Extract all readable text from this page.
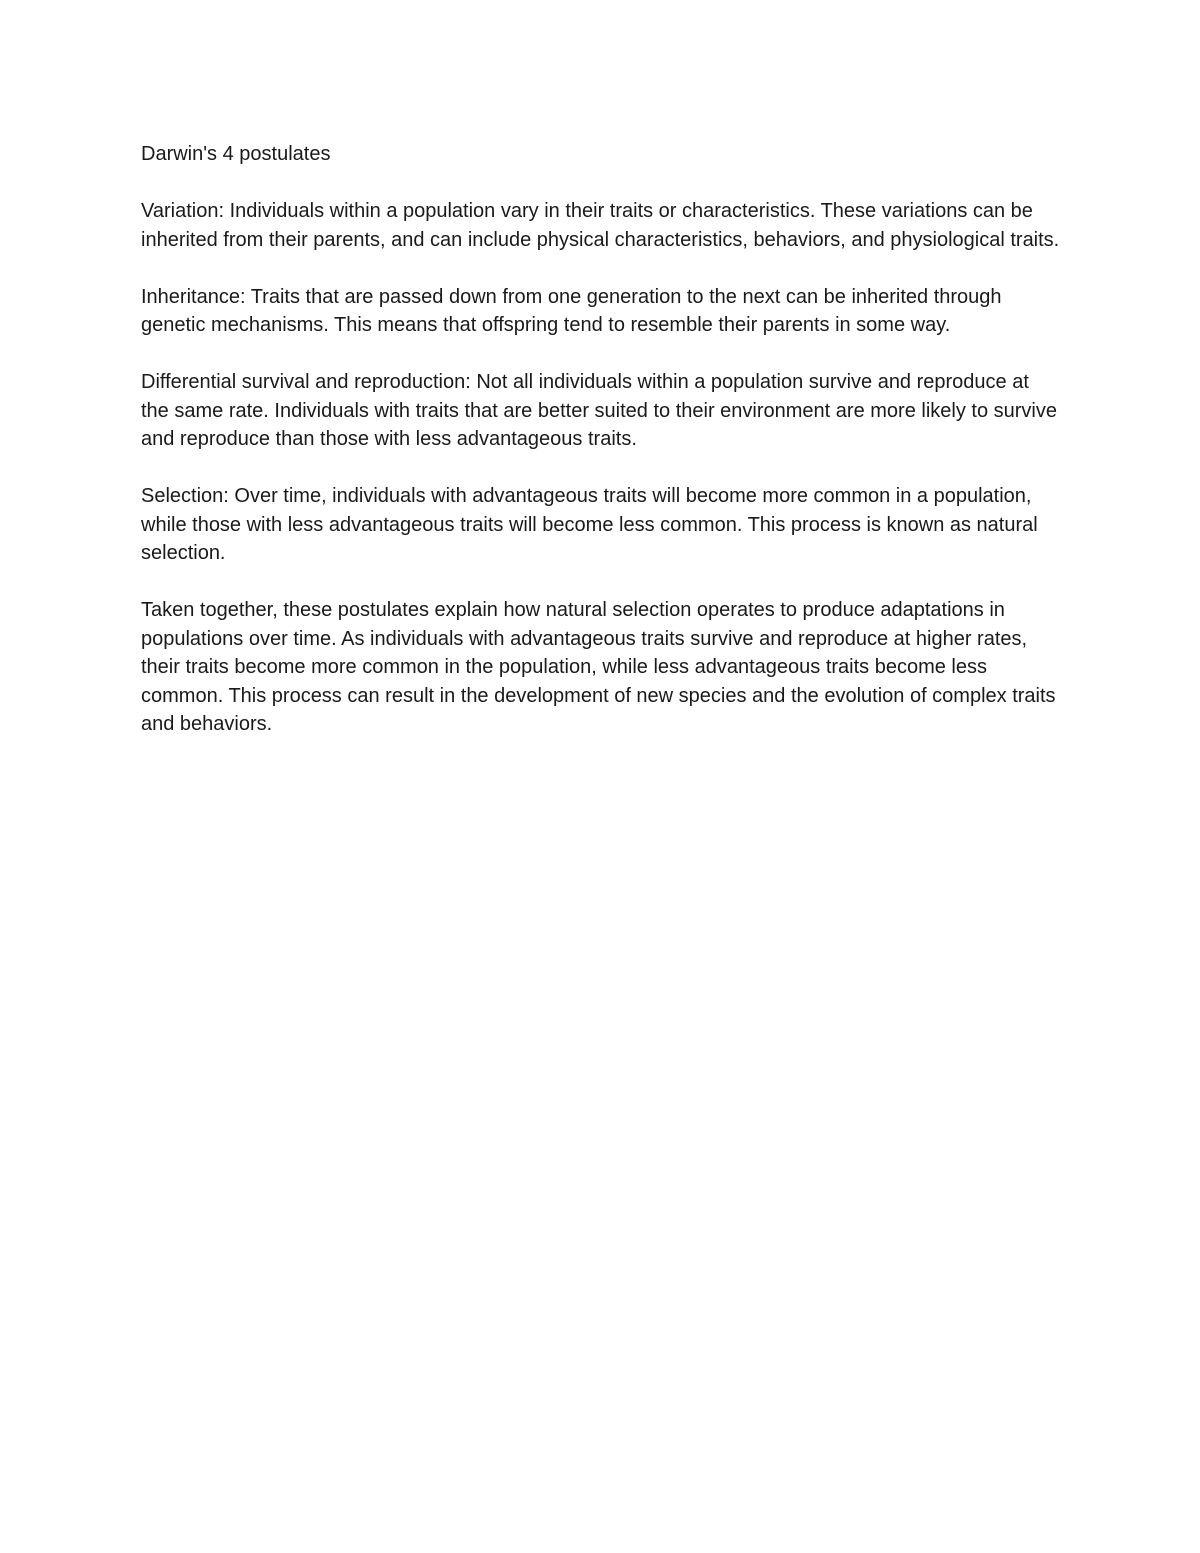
Darwin's 4 postulates

Variation: Individuals within a population vary in their traits or characteristics. These variations can be inherited from their parents, and can include physical characteristics, behaviors, and physiological traits.

Inheritance: Traits that are passed down from one generation to the next can be inherited through genetic mechanisms. This means that offspring tend to resemble their parents in some way.

Differential survival and reproduction: Not all individuals within a population survive and reproduce at the same rate. Individuals with traits that are better suited to their environment are more likely to survive and reproduce than those with less advantageous traits.

Selection: Over time, individuals with advantageous traits will become more common in a population, while those with less advantageous traits will become less common. This process is known as natural selection.

Taken together, these postulates explain how natural selection operates to produce adaptations in populations over time. As individuals with advantageous traits survive and reproduce at higher rates, their traits become more common in the population, while less advantageous traits become less common. This process can result in the development of new species and the evolution of complex traits and behaviors.
